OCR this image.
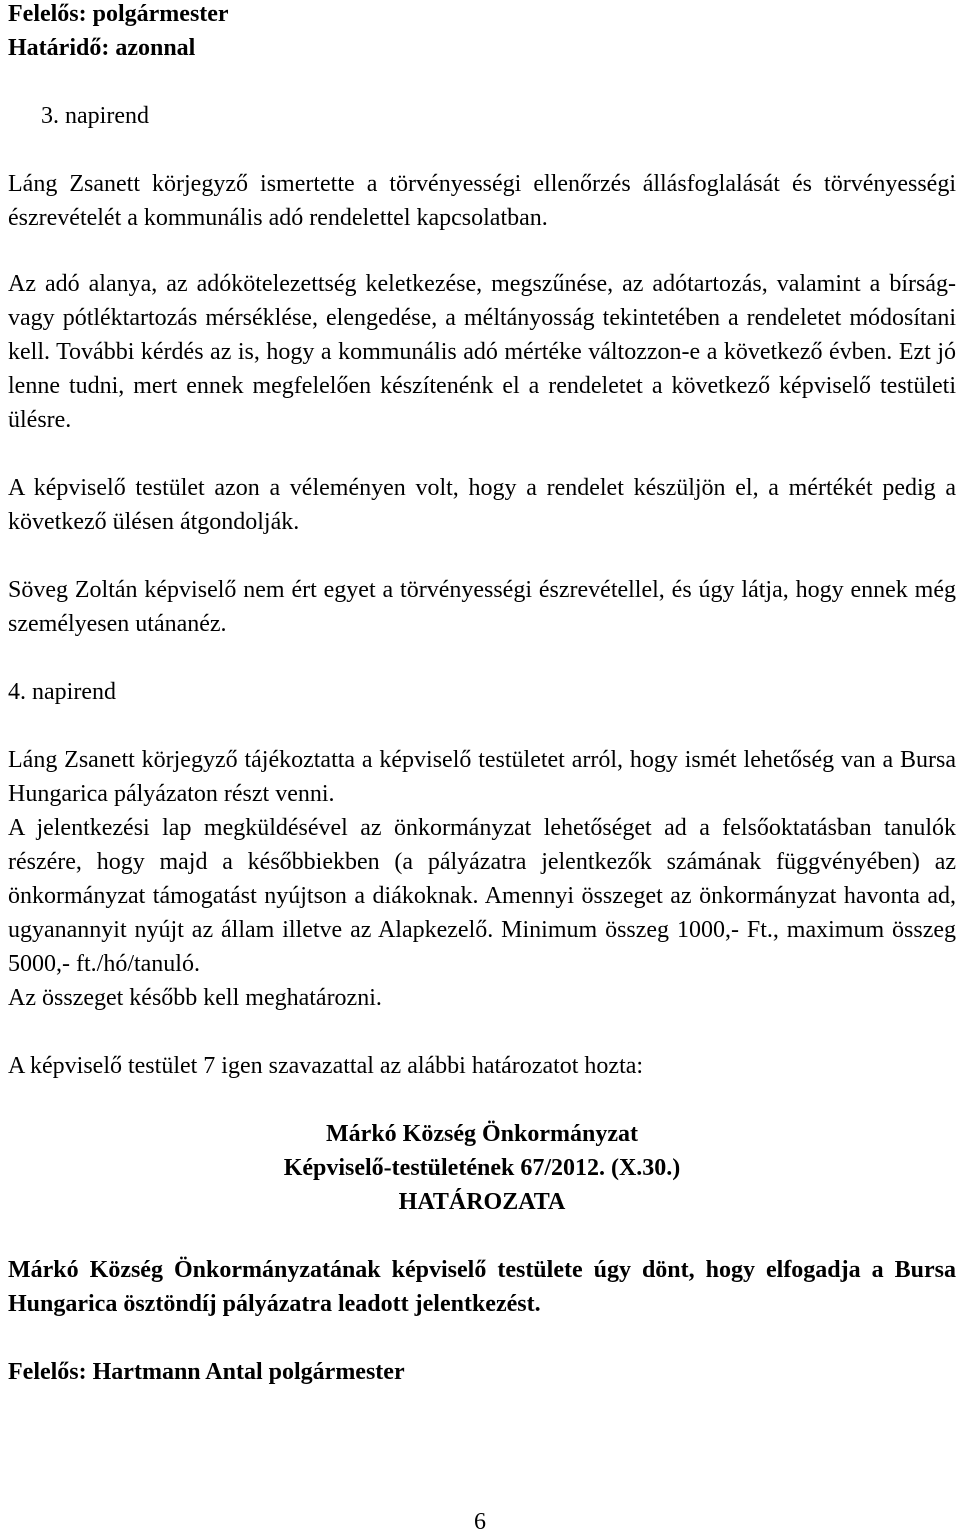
Felelős: polgármester
Határidő: azonnal
3. napirend
Láng Zsanett körjegyző ismertette a törvényességi ellenőrzés állásfoglalását és törvényességi észrevételét a kommunális adó rendelettel kapcsolatban.
Az adó alanya, az adókötelezettség keletkezése, megszűnése, az adótartozás, valamint a bírság- vagy pótléktartozás mérséklése, elengedése, a méltányosság tekintetében a rendeletet módosítani kell. További kérdés az is, hogy a kommunális adó mértéke változzon-e a következő évben. Ezt jó lenne tudni, mert ennek megfelelően készítenénk el a rendeletet a következő képviselő testületi ülésre.
A képviselő testület azon a véleményen volt, hogy a rendelet készüljön el, a mértékét pedig a következő ülésen átgondolják.
Söveg Zoltán képviselő nem ért egyet a törvényességi észrevétellel, és úgy látja, hogy ennek még személyesen utánanéz.
4. napirend
Láng Zsanett körjegyző tájékoztatta a képviselő testületet arról, hogy ismét lehetőség van a Bursa Hungarica pályázaton részt venni.
A jelentkezési lap megküldésével az önkormányzat lehetőséget ad a felsőoktatásban tanulók részére, hogy majd a későbbiekben (a pályázatra jelentkezők számának függvényében) az önkormányzat támogatást nyújtson a diákoknak. Amennyi összeget az önkormányzat havonta ad, ugyanannyit nyújt az állam illetve az Alapkezelő. Minimum összeg 1000,- Ft., maximum összeg 5000,- ft./hó/tanuló.
Az összeget később kell meghatározni.
A képviselő testület 7 igen szavazattal az alábbi határozatot hozta:
Márkó Község Önkormányzat
Képviselő-testületének 67/2012. (X.30.)
HATÁROZATA
Márkó Község Önkormányzatának képviselő testülete úgy dönt, hogy elfogadja a Bursa Hungarica ösztöndíj pályázatra leadott jelentkezést.
Felelős: Hartmann Antal polgármester
6
